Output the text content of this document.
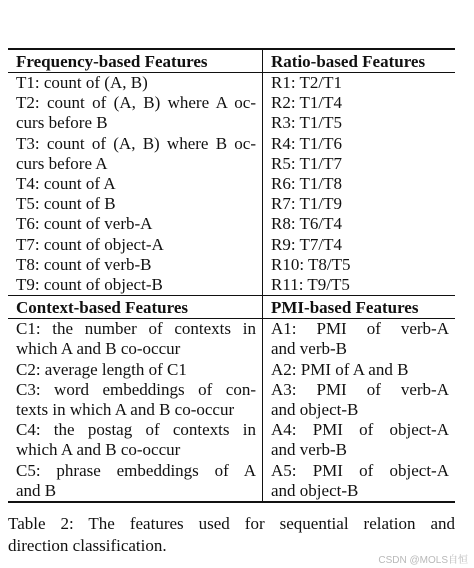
Frequency-based Features	Ratio-based Features
T1: count of (A, B)
T2: count of (A, B) where A oc-
curs before B
T3: count of (A, B) where B oc-
curs before A
T4: count of A
T5: count of B
T6: count of verb-A
T7: count of object-A
T8: count of verb-B
T9: count of object-B
R1: T2/T1
R2: T1/T4
R3: T1/T5
R4: T1/T6
R5: T1/T7
R6: T1/T8
R7: T1/T9
R8: T6/T4
R9: T7/T4
R10: T8/T5
R11: T9/T5
Context-based Features	PMI-based Features
C1: the number of contexts in
which A and B co-occur
C2: average length of C1
C3: word embeddings of con-
texts in which A and B co-occur
C4: the postag of contexts in
which A and B co-occur
C5: phrase embeddings of A
and B
A1: PMI of verb-A
and verb-B
A2: PMI of A and B
A3: PMI of verb-A
and object-B
A4: PMI of object-A
and verb-B
A5: PMI of object-A
and object-B
Table 2: The features used for sequential relation and
direction classification.
CSDN @MOLS自恒
